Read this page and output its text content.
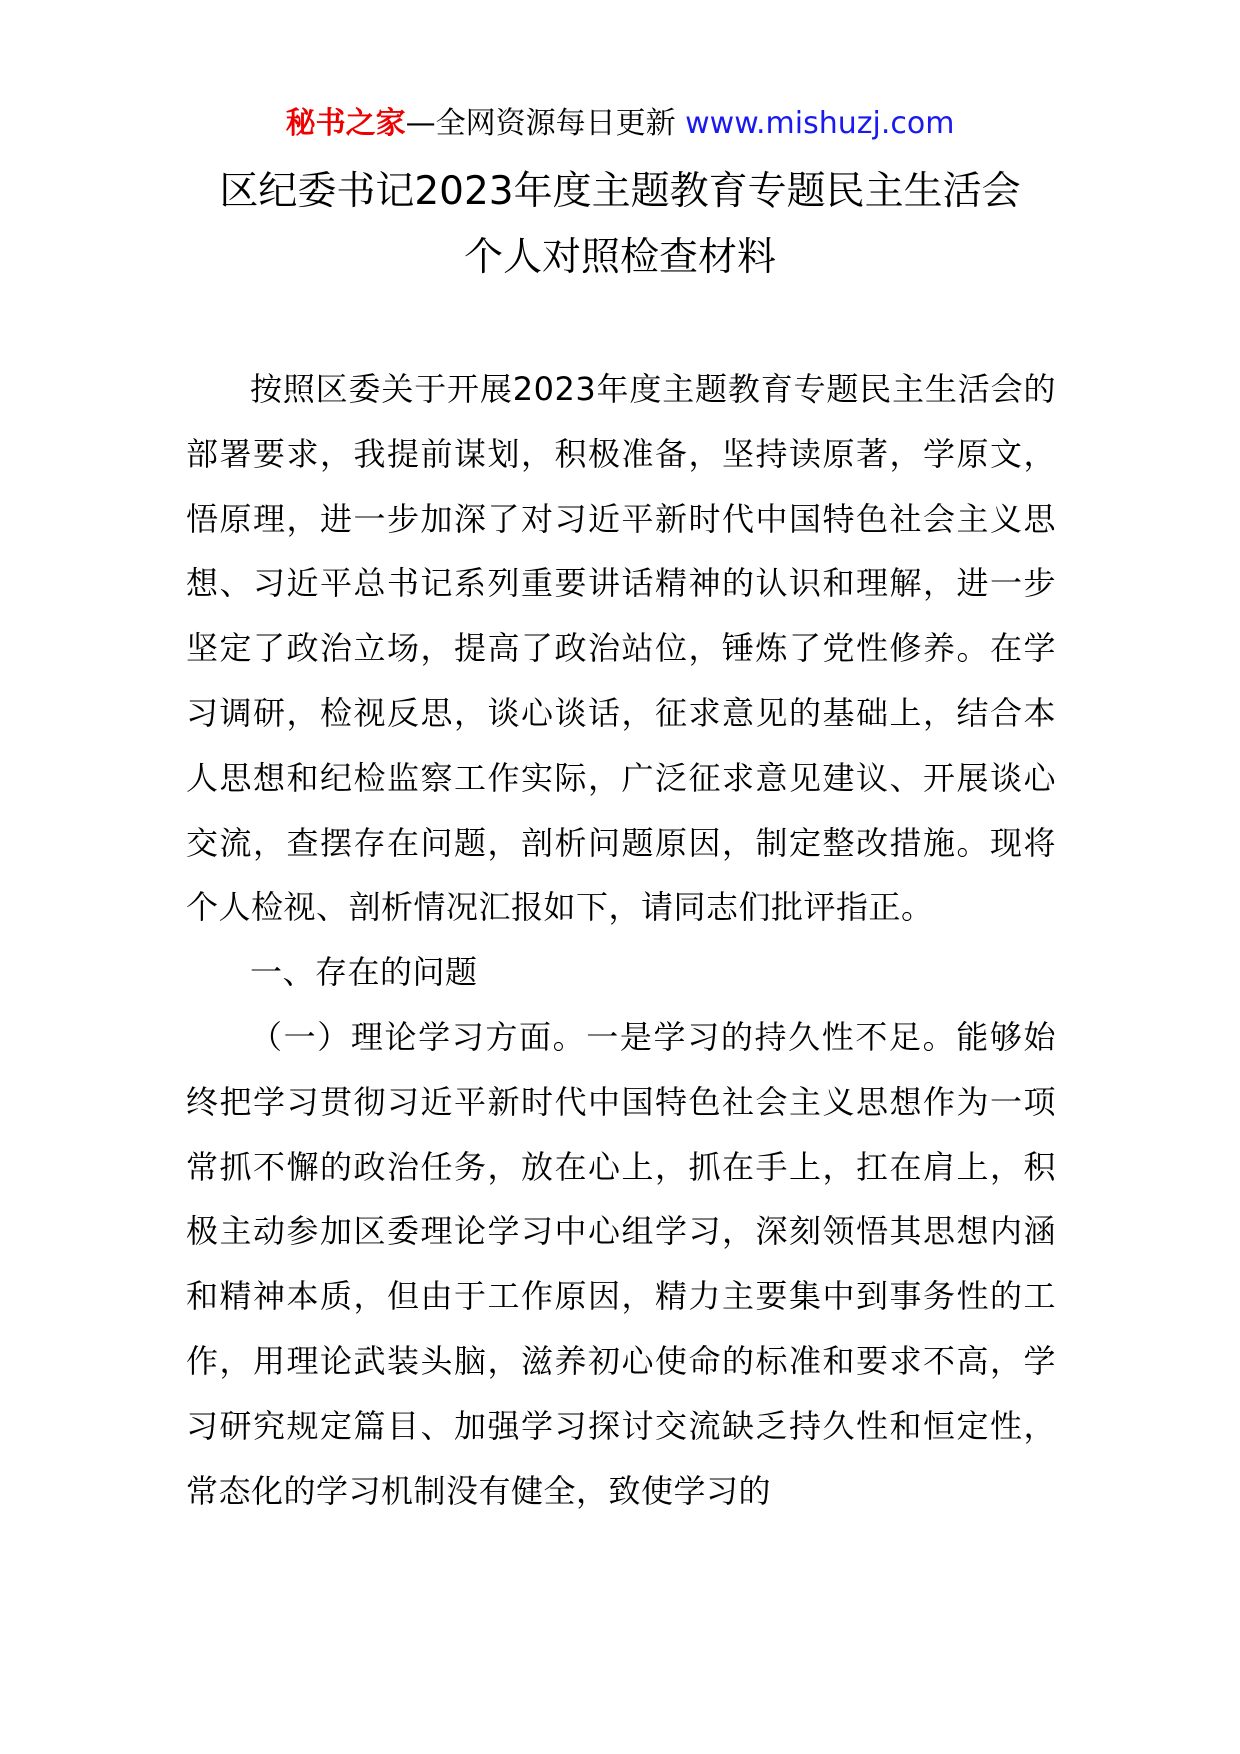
秘书之家—全网资源每日更新 www.mishuzj.com
区纪委书记2023年度主题教育专题民主生活会
个人对照检查材料

按照区委关于开展2023年度主题教育专题民主生活会的部署要求，我提前谋划，积极准备，坚持读原著，学原文，悟原理，进一步加深了对习近平新时代中国特色社会主义思想、习近平总书记系列重要讲话精神的认识和理解，进一步坚定了政治立场，提高了政治站位，锤炼了党性修养。在学习调研，检视反思，谈心谈话，征求意见的基础上，结合本人思想和纪检监察工作实际，广泛征求意见建议、开展谈心交流，查摆存在问题，剖析问题原因，制定整改措施。现将个人检视、剖析情况汇报如下，请同志们批评指正。

一、存在的问题

（一）理论学习方面。一是学习的持久性不足。能够始终把学习贯彻习近平新时代中国特色社会主义思想作为一项常抓不懈的政治任务，放在心上，抓在手上，扛在肩上，积极主动参加区委理论学习中心组学习，深刻领悟其思想内涵和精神本质，但由于工作原因，精力主要集中到事务性的工作，用理论武装头脑，滋养初心使命的标准和要求不高，学习研究规定篇目、加强学习探讨交流缺乏持久性和恒定性，常态化的学习机制没有健全，致使学习的
